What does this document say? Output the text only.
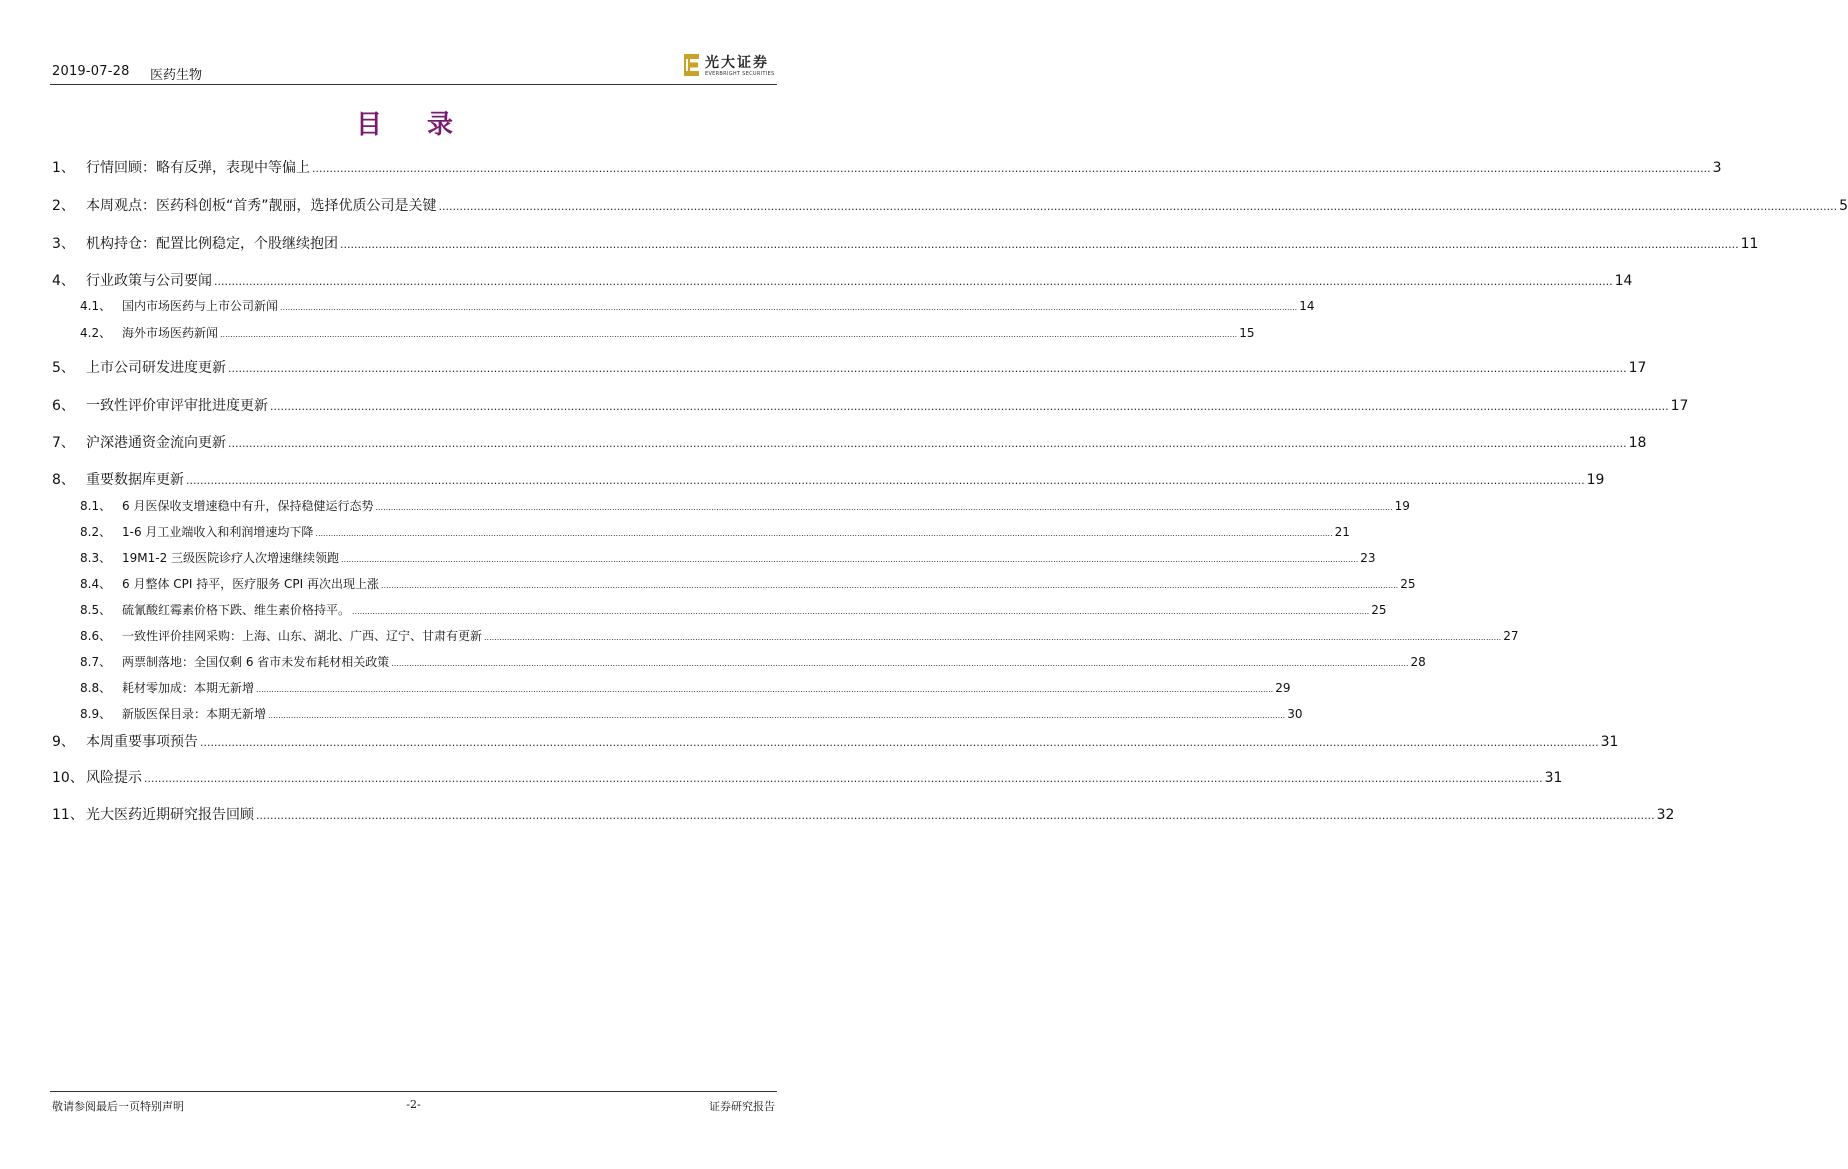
2019-07-28 医药生物
光大证券
EVERBRIGHT SECURITIES
目 录
1、 行情回顾：略有反弹，表现中等偏上 ................................................................................................................................................................................................................................................................................................................................................................................................................ 3
2、 本周观点：医药科创板“首秀”靓丽，选择优质公司是关键 ................................................................................................................................................................................................................................................................................................................................................................................................................ 5
3、 机构持仓：配置比例稳定，个股继续抱团 ................................................................................................................................................................................................................................................................................................................................................................................................................ 11
4、 行业政策与公司要闻 ................................................................................................................................................................................................................................................................................................................................................................................................................ 14
4.1、 国内市场医药与上市公司新闻 ................................................................................................................................................................................................................................................................................................................................................................................................................ 14
4.2、 海外市场医药新闻 ................................................................................................................................................................................................................................................................................................................................................................................................................ 15
5、 上市公司研发进度更新 ................................................................................................................................................................................................................................................................................................................................................................................................................ 17
6、 一致性评价审评审批进度更新 ................................................................................................................................................................................................................................................................................................................................................................................................................ 17
7、 沪深港通资金流向更新 ................................................................................................................................................................................................................................................................................................................................................................................................................ 18
8、 重要数据库更新 ................................................................................................................................................................................................................................................................................................................................................................................................................ 19
8.1、 6 月医保收支增速稳中有升，保持稳健运行态势 ................................................................................................................................................................................................................................................................................................................................................................................................................ 19
8.2、 1-6 月工业端收入和利润增速均下降 ................................................................................................................................................................................................................................................................................................................................................................................................................ 21
8.3、 19M1-2 三级医院诊疗人次增速继续领跑 ................................................................................................................................................................................................................................................................................................................................................................................................................ 23
8.4、 6 月整体 CPI 持平，医疗服务 CPI 再次出现上涨 ................................................................................................................................................................................................................................................................................................................................................................................................................ 25
8.5、 硫氰酸红霉素价格下跌、维生素价格持平。 ................................................................................................................................................................................................................................................................................................................................................................................................................ 25
8.6、 一致性评价挂网采购：上海、山东、湖北、广西、辽宁、甘肃有更新 ................................................................................................................................................................................................................................................................................................................................................................................................................ 27
8.7、 两票制落地：全国仅剩 6 省市未发布耗材相关政策 ................................................................................................................................................................................................................................................................................................................................................................................................................ 28
8.8、 耗材零加成：本期无新增 ................................................................................................................................................................................................................................................................................................................................................................................................................ 29
8.9、 新版医保目录：本期无新增 ................................................................................................................................................................................................................................................................................................................................................................................................................ 30
9、 本周重要事项预告 ................................................................................................................................................................................................................................................................................................................................................................................................................ 31
10、 风险提示 ................................................................................................................................................................................................................................................................................................................................................................................................................ 31
11、 光大医药近期研究报告回顾 ................................................................................................................................................................................................................................................................................................................................................................................................................ 32
敬请参阅最后一页特别声明	-2-	证券研究报告
